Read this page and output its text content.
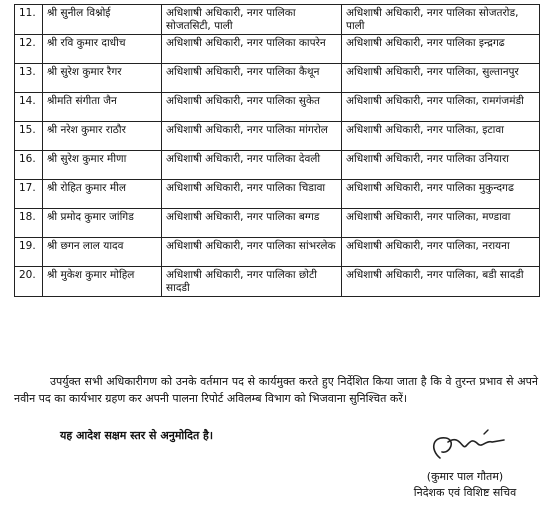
11.	श्री सुनील विश्नोई	अधिशाषी अधिकारी, नगर पालिका सोजतसिटी, पाली	अधिशाषी अधिकारी, नगर पालिका सोजतरोड, पाली
12.	श्री रवि कुमार दाधीच	अधिशाषी अधिकारी, नगर पालिका कापरेन	अधिशाषी अधिकारी, नगर पालिका इन्द्रगढ
13.	श्री सुरेश कुमार रैगर	अधिशाषी अधिकारी, नगर पालिका कैथून	अधिशाषी अधिकारी, नगर पालिका, सुल्तानपुर
14.	श्रीमति संगीता जैन	अधिशाषी अधिकारी, नगर पालिका सुकेत	अधिशाषी अधिकारी, नगर पालिका, रामगंजमंडी
15.	श्री नरेश कुमार राठौर	अधिशाषी अधिकारी, नगर पालिका मांगरोल	अधिशाषी अधिकारी, नगर पालिका, इटावा
16.	श्री सुरेश कुमार मीणा	अधिशाषी अधिकारी, नगर पालिका देवली	अधिशाषी अधिकारी, नगर पालिका उनियारा
17.	श्री रोहित कुमार मील	अधिशाषी अधिकारी, नगर पालिका चिडावा	अधिशाषी अधिकारी, नगर पालिका मुकुन्दगढ
18.	श्री प्रमोद कुमार जांगिड	अधिशाषी अधिकारी, नगर पालिका बग्गड	अधिशाषी अधिकारी, नगर पालिका, मण्डावा
19.	श्री छगन लाल यादव	अधिशाषी अधिकारी, नगर पालिका सांभरलेक	अधिशाषी अधिकारी, नगर पालिका, नरायना
20.	श्री मुकेश कुमार मोहिल	अधिशाषी अधिकारी, नगर पालिका छोटी सादडी	अधिशाषी अधिकारी, नगर पालिका, बडी सादडी

उपर्युक्त सभी अधिकारीगण को उनके वर्तमान पद से कार्यमुक्त करते हुए निर्देशित किया जाता है कि वे तुरन्त प्रभाव से अपने नवीन पद का कार्यभार ग्रहण कर अपनी पालना रिपोर्ट अविलम्ब विभाग को भिजवाना सुनिश्चित करें।

यह आदेश सक्षम स्तर से अनुमोदित है।

(कुमार पाल गौतम)
निदेशक एवं विशिष्ट सचिव
